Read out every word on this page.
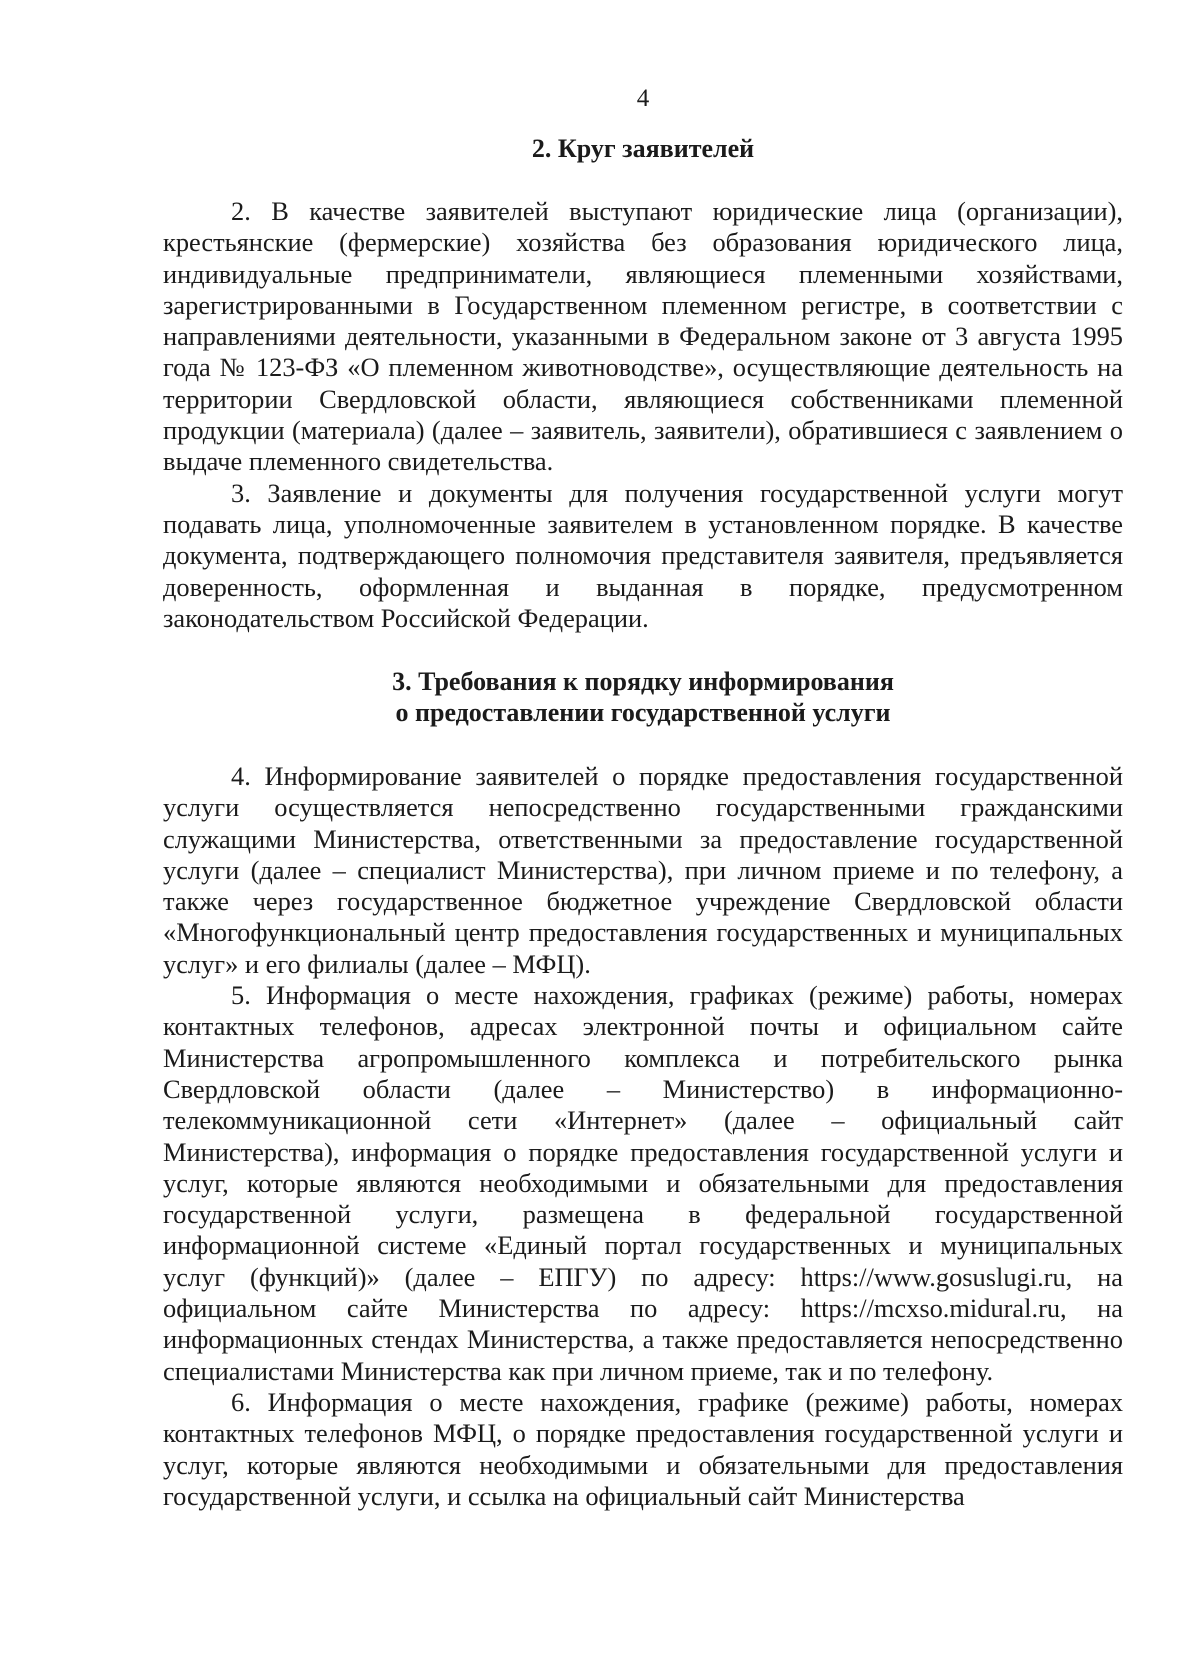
4
2. Круг заявителей

2. В качестве заявителей выступают юридические лица (организации), крестьянские (фермерские) хозяйства без образования юридического лица, индивидуальные предприниматели, являющиеся племенными хозяйствами, зарегистрированными в Государственном племенном регистре, в соответствии с направлениями деятельности, указанными в Федеральном законе от 3 августа 1995 года № 123-ФЗ «О племенном животноводстве», осуществляющие деятельность на территории Свердловской области, являющиеся собственниками племенной продукции (материала) (далее – заявитель, заявители), обратившиеся с заявлением о выдаче племенного свидетельства.

3. Заявление и документы для получения государственной услуги могут подавать лица, уполномоченные заявителем в установленном порядке. В качестве документа, подтверждающего полномочия представителя заявителя, предъявляется доверенность, оформленная и выданная в порядке, предусмотренном законодательством Российской Федерации.

3. Требования к порядку информирования
о предоставлении государственной услуги

4. Информирование заявителей о порядке предоставления государственной услуги осуществляется непосредственно государственными гражданскими служащими Министерства, ответственными за предоставление государственной услуги (далее – специалист Министерства), при личном приеме и по телефону, а также через государственное бюджетное учреждение Свердловской области «Многофункциональный центр предоставления государственных и муниципальных услуг» и его филиалы (далее – МФЦ).

5. Информация о месте нахождения, графиках (режиме) работы, номерах контактных телефонов, адресах электронной почты и официальном сайте Министерства агропромышленного комплекса и потребительского рынка Свердловской области (далее – Министерство) в информационно-телекоммуникационной сети «Интернет» (далее – официальный сайт Министерства), информация о порядке предоставления государственной услуги и услуг, которые являются необходимыми и обязательными для предоставления государственной услуги, размещена в федеральной государственной информационной системе «Единый портал государственных и муниципальных услуг (функций)» (далее – ЕПГУ) по адресу: https://www.gosuslugi.ru, на официальном сайте Министерства по адресу: https://mcxso.midural.ru, на информационных стендах Министерства, а также предоставляется непосредственно специалистами Министерства как при личном приеме, так и по телефону.

6. Информация о месте нахождения, графике (режиме) работы, номерах контактных телефонов МФЦ, о порядке предоставления государственной услуги и услуг, которые являются необходимыми и обязательными для предоставления государственной услуги, и ссылка на официальный сайт Министерства
